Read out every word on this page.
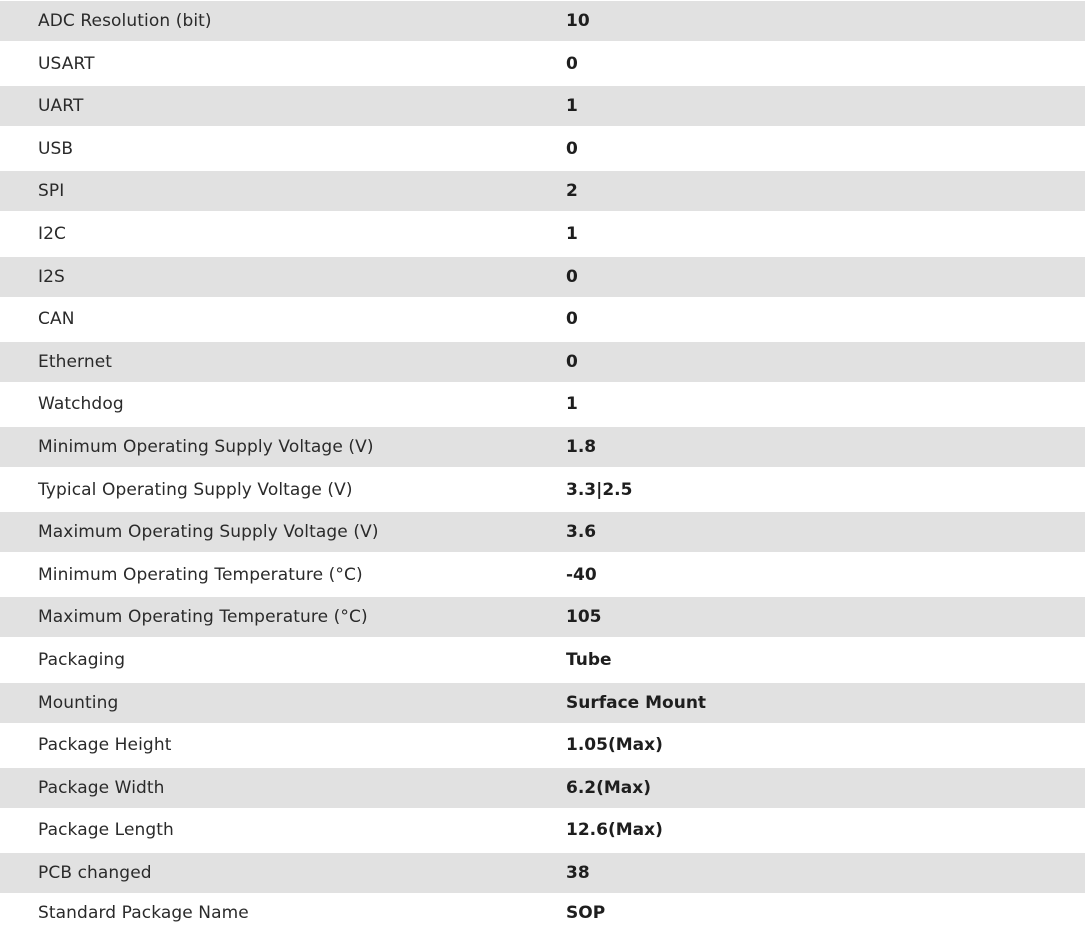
ADC Resolution (bit)	10
USART	0
UART	1
USB	0
SPI	2
I2C	1
I2S	0
CAN	0
Ethernet	0
Watchdog	1
Minimum Operating Supply Voltage (V)	1.8
Typical Operating Supply Voltage (V)	3.3|2.5
Maximum Operating Supply Voltage (V)	3.6
Minimum Operating Temperature (°C)	-40
Maximum Operating Temperature (°C)	105
Packaging	Tube
Mounting	Surface Mount
Package Height	1.05(Max)
Package Width	6.2(Max)
Package Length	12.6(Max)
PCB changed	38
Standard Package Name	SOP
